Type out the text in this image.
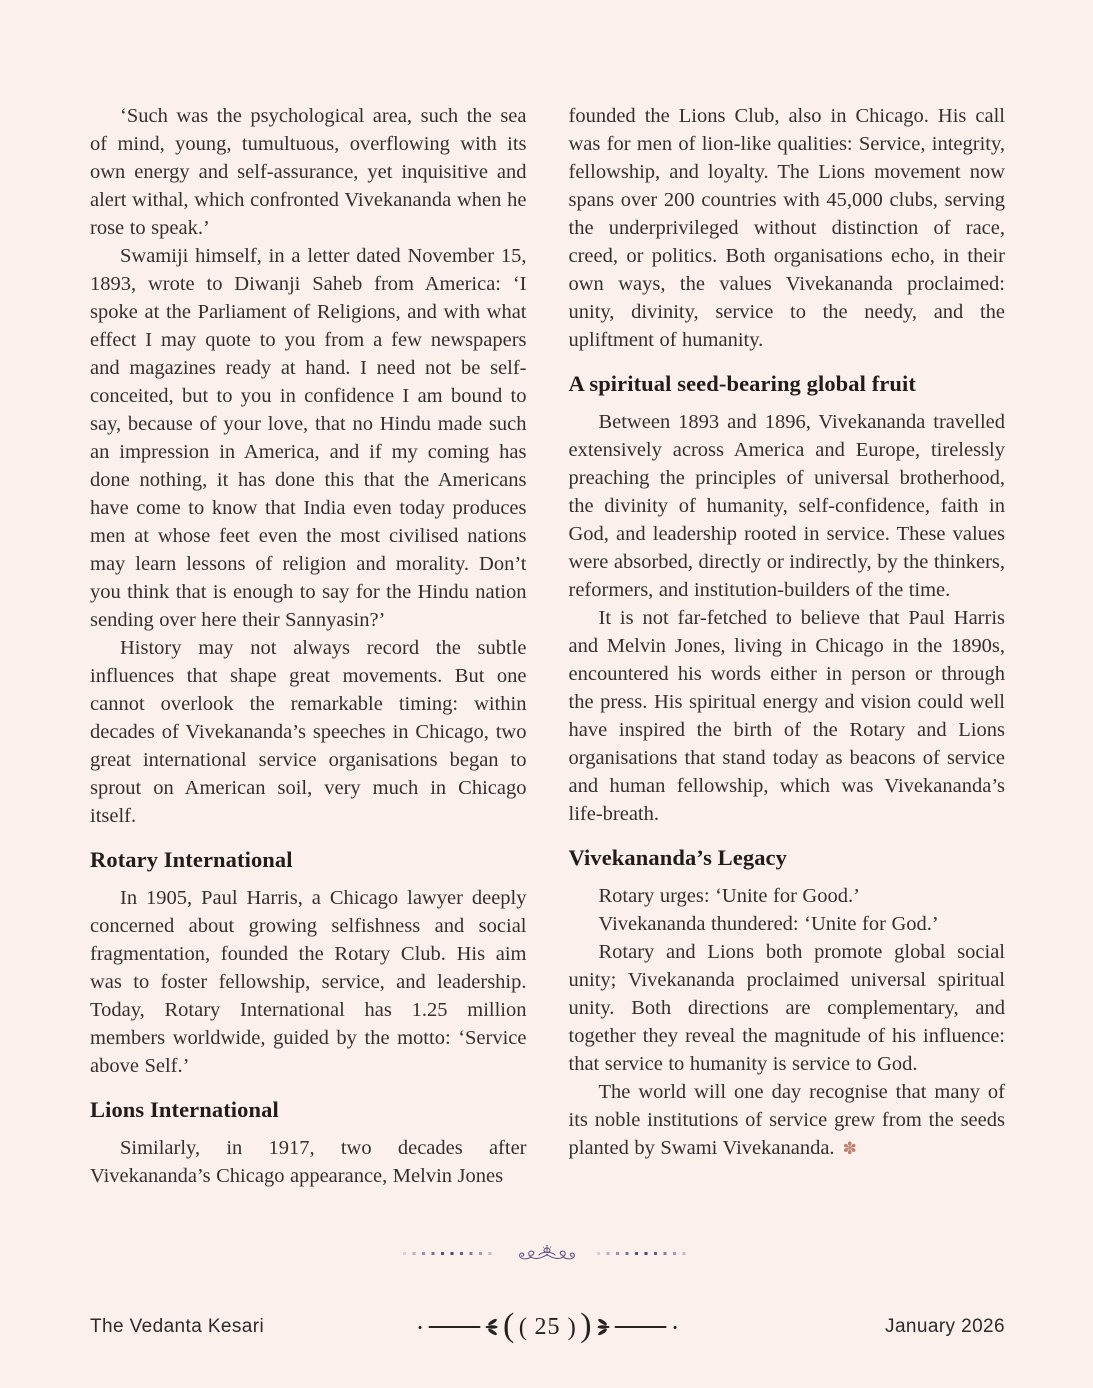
‘Such was the psychological area, such the sea of mind, young, tumultuous, overflowing with its own energy and self-assurance, yet inquisitive and alert withal, which confronted Vivekananda when he rose to speak.’

Swamiji himself, in a letter dated November 15, 1893, wrote to Diwanji Saheb from America: ‘I spoke at the Parliament of Religions, and with what effect I may quote to you from a few newspapers and magazines ready at hand. I need not be self-conceited, but to you in confidence I am bound to say, because of your love, that no Hindu made such an impression in America, and if my coming has done nothing, it has done this that the Americans have come to know that India even today produces men at whose feet even the most civilised nations may learn lessons of religion and morality. Don’t you think that is enough to say for the Hindu nation sending over here their Sannyasin?’

History may not always record the subtle influences that shape great movements. But one cannot overlook the remarkable timing: within decades of Vivekananda’s speeches in Chicago, two great international service organisations began to sprout on American soil, very much in Chicago itself.

Rotary International

In 1905, Paul Harris, a Chicago lawyer deeply concerned about growing selfishness and social fragmentation, founded the Rotary Club. His aim was to foster fellowship, service, and leadership. Today, Rotary International has 1.25 million members worldwide, guided by the motto: ‘Service above Self.’

Lions International

Similarly, in 1917, two decades after Vivekananda’s Chicago appearance, Melvin Jones

founded the Lions Club, also in Chicago. His call was for men of lion-like qualities: Service, integrity, fellowship, and loyalty. The Lions movement now spans over 200 countries with 45,000 clubs, serving the underprivileged without distinction of race, creed, or politics. Both organisations echo, in their own ways, the values Vivekananda proclaimed: unity, divinity, service to the needy, and the upliftment of humanity.

A spiritual seed-bearing global fruit

Between 1893 and 1896, Vivekananda travelled extensively across America and Europe, tirelessly preaching the principles of universal brotherhood, the divinity of humanity, self-confidence, faith in God, and leadership rooted in service. These values were absorbed, directly or indirectly, by the thinkers, reformers, and institution-builders of the time.

It is not far-fetched to believe that Paul Harris and Melvin Jones, living in Chicago in the 1890s, encountered his words either in person or through the press. His spiritual energy and vision could well have inspired the birth of the Rotary and Lions organisations that stand today as beacons of service and human fellowship, which was Vivekananda’s life-breath.

Vivekananda’s Legacy

Rotary urges: ‘Unite for Good.’

Vivekananda thundered: ‘Unite for God.’

Rotary and Lions both promote global social unity; Vivekananda proclaimed universal spiritual unity. Both directions are complementary, and together they reveal the magnitude of his influence: that service to humanity is service to God.

The world will one day recognise that many of its noble institutions of service grew from the seeds planted by Swami Vivekananda. ✽

The Vedanta Kesari	( ( 25 ) )	January 2026
